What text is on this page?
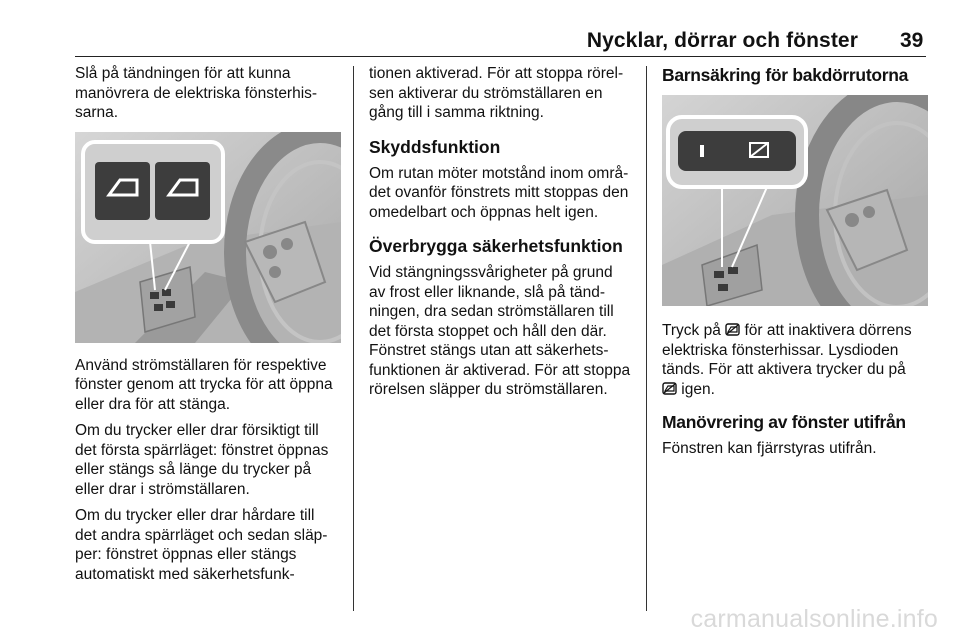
Nycklar, dörrar och fönster 39

Slå på tändningen för att kunna
manövrera de elektriska fönsterhis-
sarna.

Använd strömställaren för respektive
fönster genom att trycka för att öppna
eller dra för att stänga.

Om du trycker eller drar försiktigt till
det första spärrläget: fönstret öppnas
eller stängs så länge du trycker på
eller drar i strömställaren.

Om du trycker eller drar hårdare till
det andra spärrläget och sedan släp-
per: fönstret öppnas eller stängs
automatiskt med säkerhetsfunk-

tionen aktiverad. För att stoppa rörel-
sen aktiverar du strömställaren en
gång till i samma riktning.

Skyddsfunktion

Om rutan möter motstånd inom områ-
det ovanför fönstrets mitt stoppas den
omedelbart och öppnas helt igen.

Överbrygga säkerhetsfunktion

Vid stängningssvårigheter på grund
av frost eller liknande, slå på tänd-
ningen, dra sedan strömställaren till
det första stoppet och håll den där.
Fönstret stängs utan att säkerhets-
funktionen är aktiverad. För att stoppa
rörelsen släpper du strömställaren.

Barnsäkring för bakdörrutorna

Tryck på  för att inaktivera dörrens
elektriska fönsterhissar. Lysdioden
tänds. För att aktivera trycker du på
igen.

Manövrering av fönster utifrån

Fönstren kan fjärrstyras utifrån.

carmanualsonline.info
